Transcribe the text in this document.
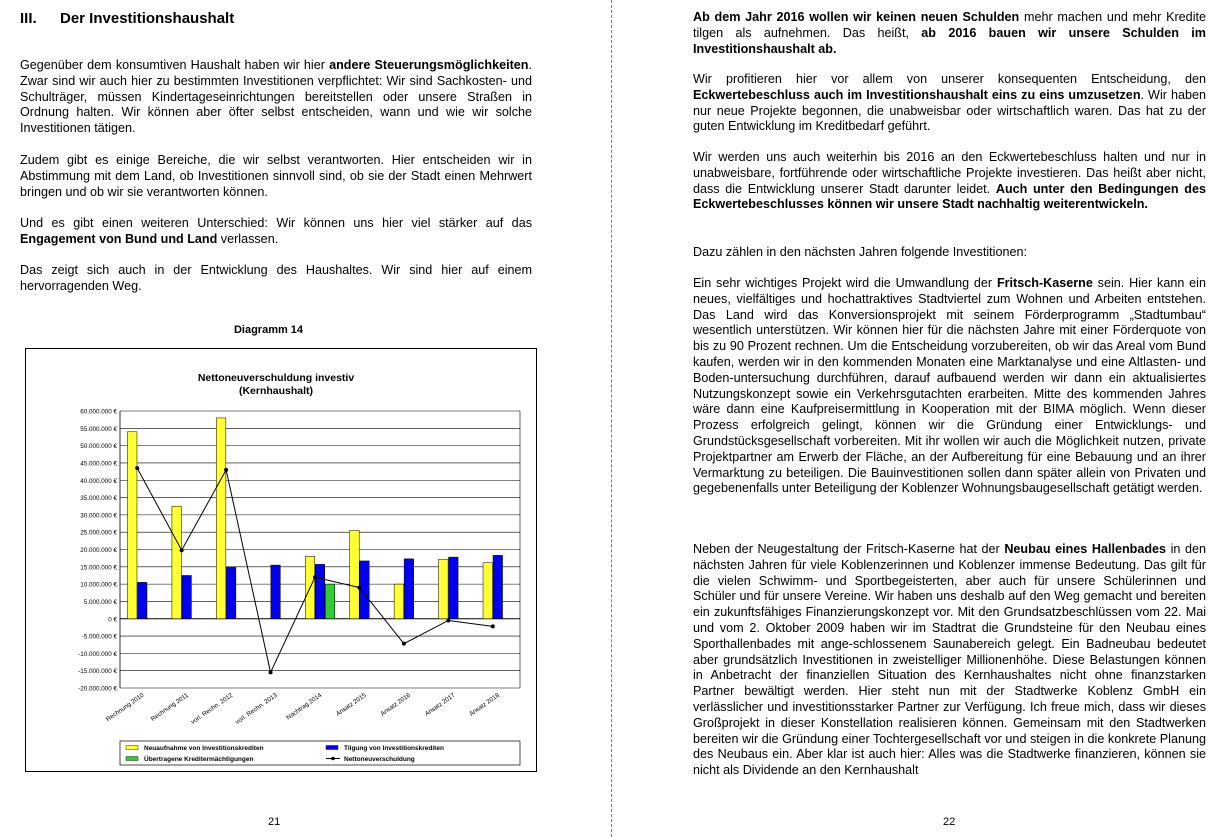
III. Der Investitionshaushalt
Gegenüber dem konsumtiven Haushalt haben wir hier andere Steuerungsmöglichkeiten. Zwar sind wir auch hier zu bestimmten Investitionen verpflichtet: Wir sind Sachkosten- und Schulträger, müssen Kindertageseinrichtungen bereitstellen oder unsere Straßen in Ordnung halten. Wir können aber öfter selbst entscheiden, wann und wie wir solche Investitionen tätigen.
Zudem gibt es einige Bereiche, die wir selbst verantworten. Hier entscheiden wir in Abstimmung mit dem Land, ob Investitionen sinnvoll sind, ob sie der Stadt einen Mehrwert bringen und ob wir sie verantworten können.
Und es gibt einen weiteren Unterschied: Wir können uns hier viel stärker auf das Engagement von Bund und Land verlassen.
Das zeigt sich auch in der Entwicklung des Haushaltes. Wir sind hier auf einem hervorragenden Weg.
Diagramm 14
Nettoneuverschuldung investiv
(Kernhaushalt)
60.000.000 €
55.000.000 €
50.000.000 €
45.000.000 €
40.000.000 €
35.000.000 €
30.000.000 €
25.000.000 €
20.000.000 €
15.000.000 €
10.000.000 €
5.000.000 €
0 €
-5.000.000 €
-10.000.000 €
-15.000.000 €
-20.000.000 €
Rechnung 2010 Rechnung 2011 vorl. Rechn. 2012 vorl. Rechn. 2013 Nachtrag 2014 Ansatz 2015 Ansatz 2016 Ansatz 2017 Ansatz 2018
Neuaufnahme von Investitionskrediten	Tilgung von Investitionskrediten
Übertragene Kreditermächtigungen	Nettoneuverschuldung
21
Ab dem Jahr 2016 wollen wir keinen neuen Schulden mehr machen und mehr Kredite tilgen als aufnehmen. Das heißt, ab 2016 bauen wir unsere Schulden im Investitionshaushalt ab.
Wir profitieren hier vor allem von unserer konsequenten Entscheidung, den Eckwertebeschluss auch im Investitionshaushalt eins zu eins umzusetzen. Wir haben nur neue Projekte begonnen, die unabweisbar oder wirtschaftlich waren. Das hat zu der guten Entwicklung im Kreditbedarf geführt.
Wir werden uns auch weiterhin bis 2016 an den Eckwertebeschluss halten und nur in unabweisbare, fortführende oder wirtschaftliche Projekte investieren. Das heißt aber nicht, dass die Entwicklung unserer Stadt darunter leidet. Auch unter den Bedingungen des Eckwertebeschlusses können wir unsere Stadt nachhaltig weiterentwickeln.
Dazu zählen in den nächsten Jahren folgende Investitionen:
Ein sehr wichtiges Projekt wird die Umwandlung der Fritsch-Kaserne sein. Hier kann ein neues, vielfältiges und hochattraktives Stadtviertel zum Wohnen und Arbeiten entstehen. Das Land wird das Konversionsprojekt mit seinem Förderprogramm „Stadtumbau“ wesentlich unterstützen. Wir können hier für die nächsten Jahre mit einer Förderquote von bis zu 90 Prozent rechnen. Um die Entscheidung vorzubereiten, ob wir das Areal vom Bund kaufen, werden wir in den kommenden Monaten eine Marktanalyse und eine Altlasten- und Boden-untersuchung durchführen, darauf aufbauend werden wir dann ein aktualisiertes Nutzungskonzept sowie ein Verkehrsgutachten erarbeiten. Mitte des kommenden Jahres wäre dann eine Kaufpreisermittlung in Kooperation mit der BIMA möglich. Wenn dieser Prozess erfolgreich gelingt, können wir die Gründung einer Entwicklungs- und Grundstücksgesellschaft vorbereiten. Mit ihr wollen wir auch die Möglichkeit nutzen, private Projektpartner am Erwerb der Fläche, an der Aufbereitung für eine Bebauung und an ihrer Vermarktung zu beteiligen. Die Bauinvestitionen sollen dann später allein von Privaten und gegebenenfalls unter Beteiligung der Koblenzer Wohnungsbaugesellschaft getätigt werden.
Neben der Neugestaltung der Fritsch-Kaserne hat der Neubau eines Hallenbades in den nächsten Jahren für viele Koblenzerinnen und Koblenzer immense Bedeutung. Das gilt für die vielen Schwimm- und Sportbegeisterten, aber auch für unsere Schülerinnen und Schüler und für unsere Vereine. Wir haben uns deshalb auf den Weg gemacht und bereiten ein zukunftsfähiges Finanzierungskonzept vor. Mit den Grundsatzbeschlüssen vom 22. Mai und vom 2. Oktober 2009 haben wir im Stadtrat die Grundsteine für den Neubau eines Sporthallenbades mit ange-schlossenem Saunabereich gelegt. Ein Badneubau bedeutet aber grundsätzlich Investitionen in zweistelliger Millionenhöhe. Diese Belastungen können in Anbetracht der finanziellen Situation des Kernhaushaltes nicht ohne finanzstarken Partner bewältigt werden. Hier steht nun mit der Stadtwerke Koblenz GmbH ein verlässlicher und investitionsstarker Partner zur Verfügung. Ich freue mich, dass wir dieses Großprojekt in dieser Konstellation realisieren können. Gemeinsam mit den Stadtwerken bereiten wir die Gründung einer Tochtergesellschaft vor und steigen in die konkrete Planung des Neubaus ein. Aber klar ist auch hier: Alles was die Stadtwerke finanzieren, können sie nicht als Dividende an den Kernhaushalt
22
